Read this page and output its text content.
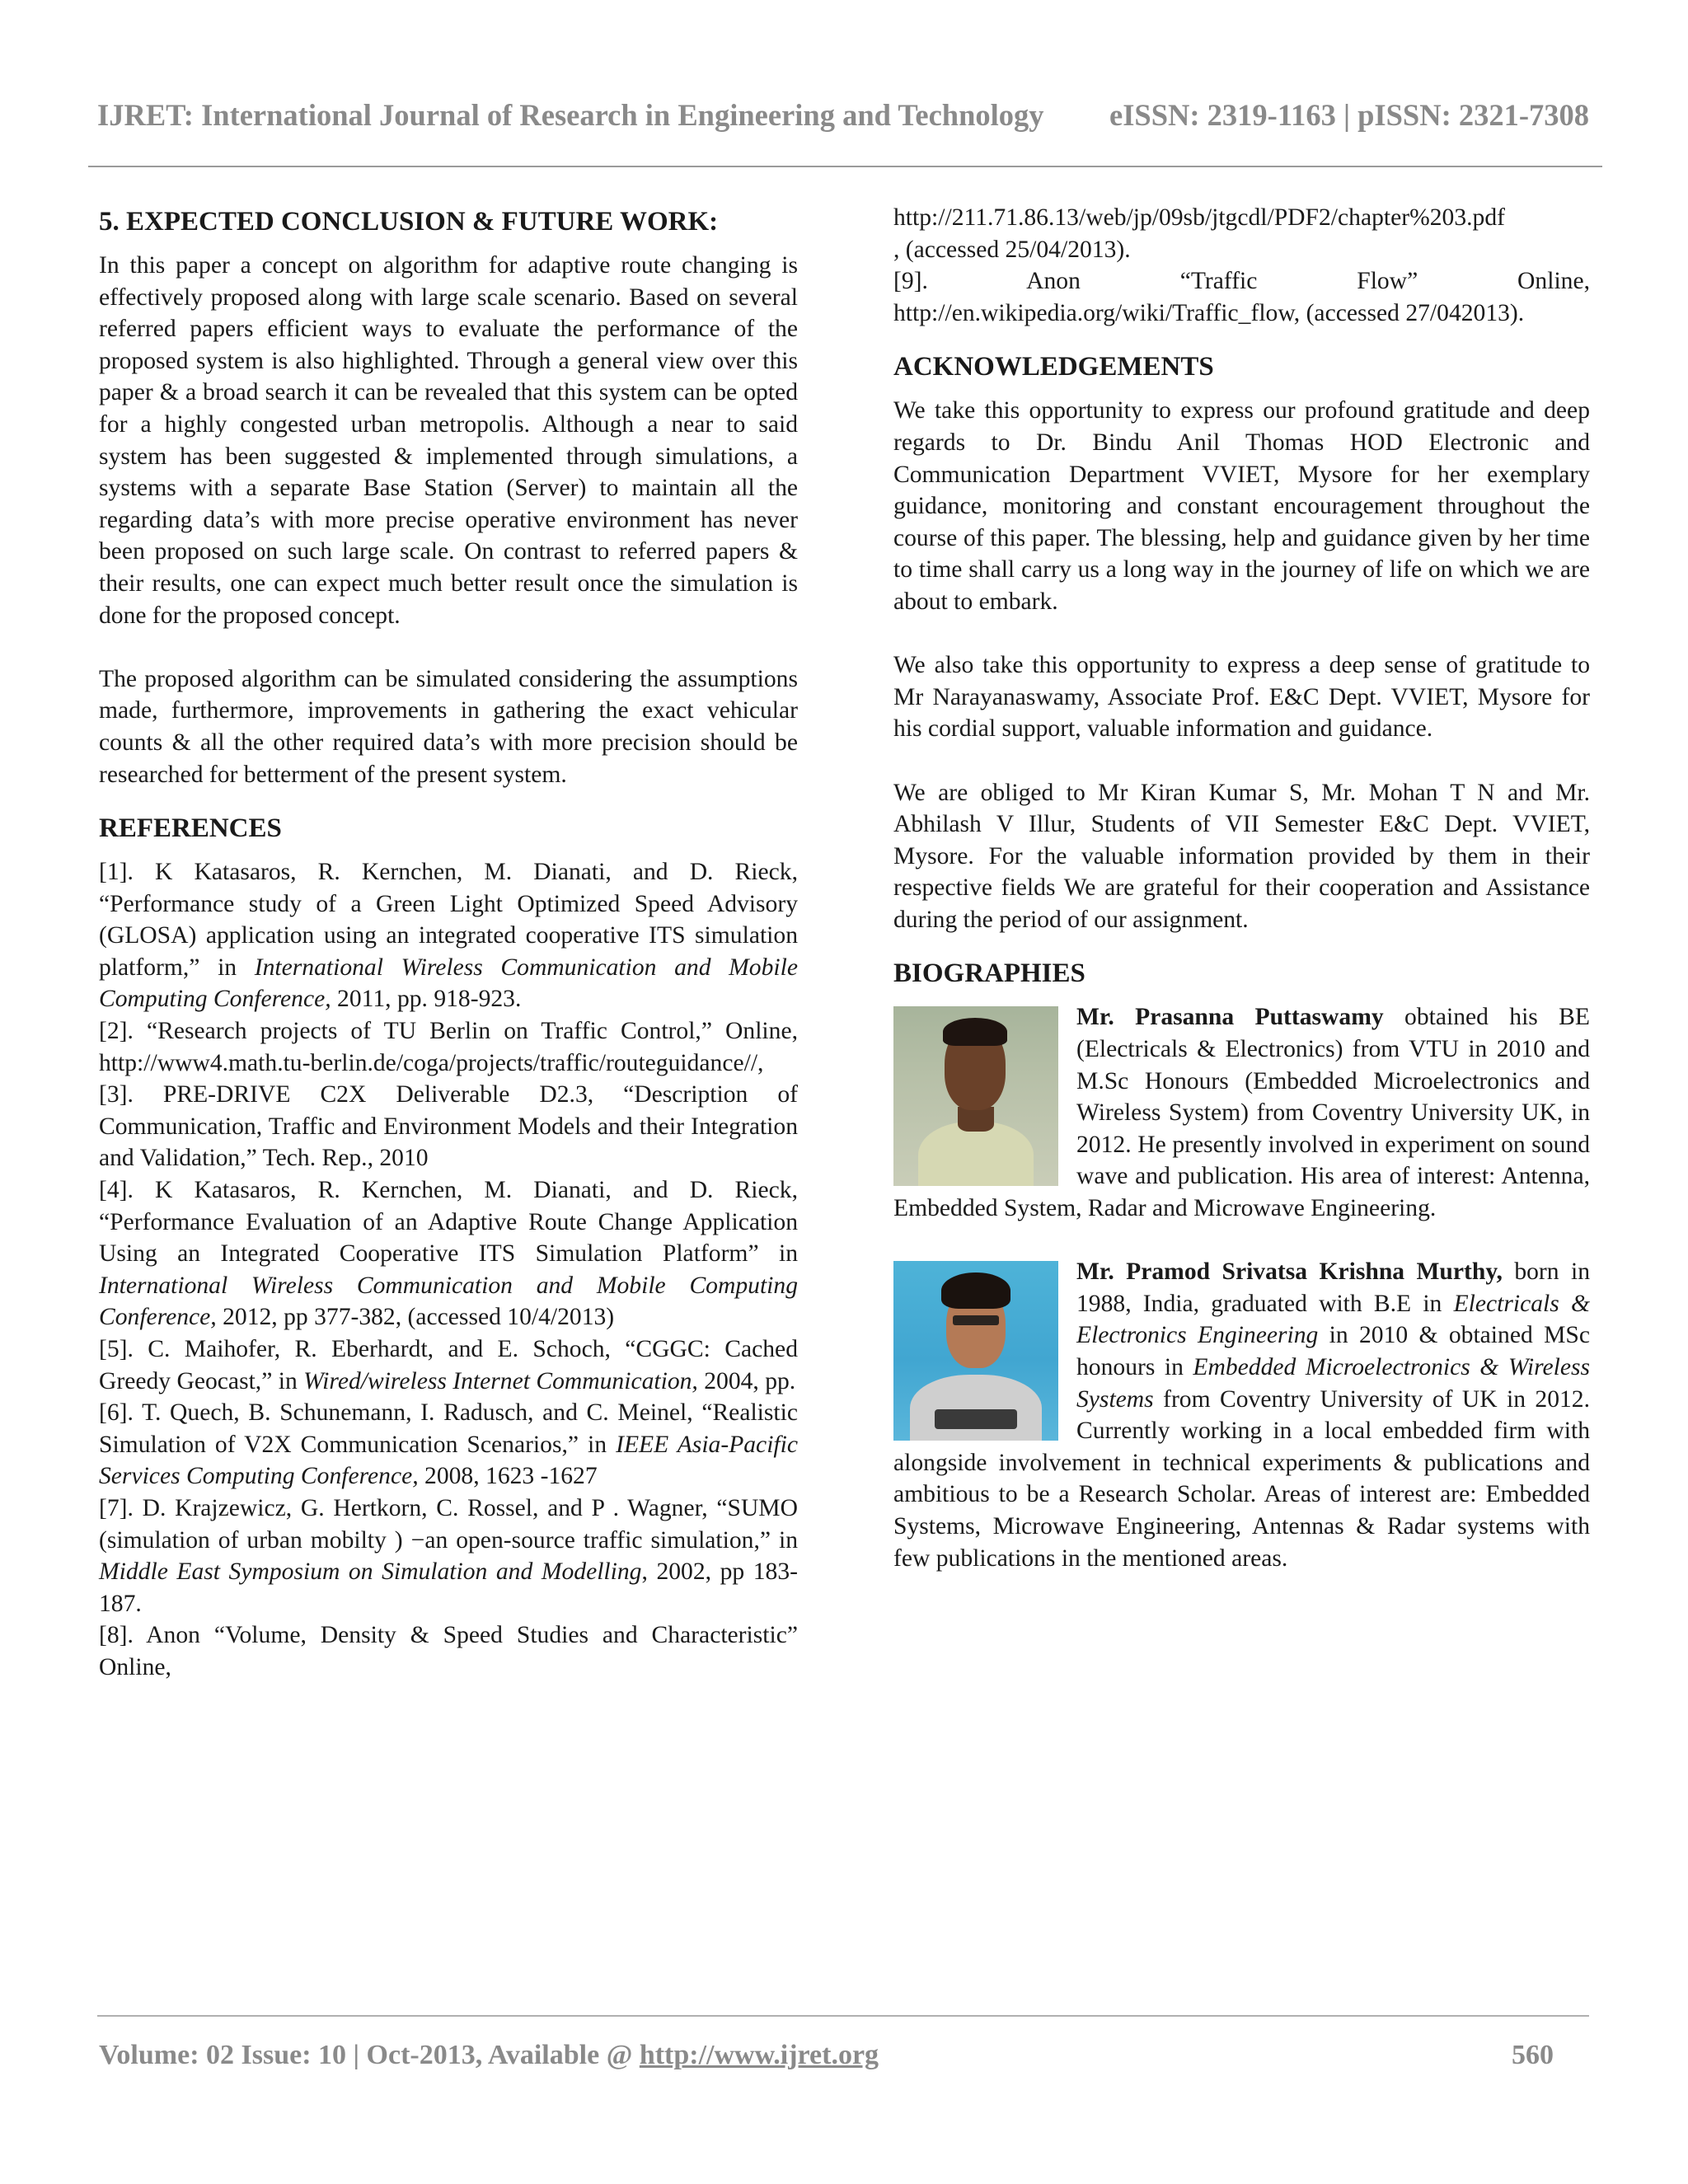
IJRET: International Journal of Research in Engineering and Technology eISSN: 2319-1163 | pISSN: 2321-7308
5. EXPECTED CONCLUSION & FUTURE WORK:

In this paper a concept on algorithm for adaptive route changing is effectively proposed along with large scale scenario. Based on several referred papers efficient ways to evaluate the performance of the proposed system is also highlighted. Through a general view over this paper & a broad search it can be revealed that this system can be opted for a highly congested urban metropolis. Although a near to said system has been suggested & implemented through simulations, a systems with a separate Base Station (Server) to maintain all the regarding data’s with more precise operative environment has never been proposed on such large scale. On contrast to referred papers & their results, one can expect much better result once the simulation is done for the proposed concept.

The proposed algorithm can be simulated considering the assumptions made, furthermore, improvements in gathering the exact vehicular counts & all the other required data’s with more precision should be researched for betterment of the present system.

REFERENCES

[1]. K Katasaros, R. Kernchen, M. Dianati, and D. Rieck, “Performance study of a Green Light Optimized Speed Advisory (GLOSA) application using an integrated cooperative ITS simulation platform,” in International Wireless Communication and Mobile Computing Conference, 2011, pp. 918-923.

[2]. “Research projects of TU Berlin on Traffic Control,” Online, http://www4.math.tu-berlin.de/coga/projects/traffic/routeguidance//,

[3]. PRE-DRIVE C2X Deliverable D2.3, “Description of Communication, Traffic and Environment Models and their Integration and Validation,” Tech. Rep., 2010

[4]. K Katasaros, R. Kernchen, M. Dianati, and D. Rieck, “Performance Evaluation of an Adaptive Route Change Application Using an Integrated Cooperative ITS Simulation Platform” in International Wireless Communication and Mobile Computing Conference, 2012, pp 377-382, (accessed 10/4/2013)

[5]. C. Maihofer, R. Eberhardt, and E. Schoch, “CGGC: Cached Greedy Geocast,” in Wired/wireless Internet Communication, 2004, pp.

[6]. T. Quech, B. Schunemann, I. Radusch, and C. Meinel, “Realistic Simulation of V2X Communication Scenarios,” in IEEE Asia-Pacific Services Computing Conference, 2008, 1623 -1627

[7]. D. Krajzewicz, G. Hertkorn, C. Rossel, and P . Wagner, “SUMO (simulation of urban mobilty ) −an open-source traffic simulation,” in Middle East Symposium on Simulation and Modelling, 2002, pp 183-187.

[8]. Anon “Volume, Density & Speed Studies and Characteristic” Online,

http://211.71.86.13/web/jp/09sb/jtgcdl/PDF2/chapter%203.pdf

, (accessed 25/04/2013).

[9]. Anon “Traffic Flow” Online, http://en.wikipedia.org/wiki/Traffic_flow, (accessed 27/042013).

ACKNOWLEDGEMENTS

We take this opportunity to express our profound gratitude and deep regards to Dr. Bindu Anil Thomas HOD Electronic and Communication Department VVIET, Mysore for her exemplary guidance, monitoring and constant encouragement throughout the course of this paper. The blessing, help and guidance given by her time to time shall carry us a long way in the journey of life on which we are about to embark.

We also take this opportunity to express a deep sense of gratitude to Mr Narayanaswamy, Associate Prof. E&C Dept. VVIET, Mysore for his cordial support, valuable information and guidance.

We are obliged to Mr Kiran Kumar S, Mr. Mohan T N and Mr. Abhilash V Illur, Students of VII Semester E&C Dept. VVIET, Mysore. For the valuable information provided by them in their respective fields We are grateful for their cooperation and Assistance during the period of our assignment.

BIOGRAPHIES

Mr. Prasanna Puttaswamy obtained his BE (Electricals & Electronics) from VTU in 2010 and M.Sc Honours (Embedded Microelectronics and Wireless System) from Coventry University UK, in 2012. He presently involved in experiment on sound wave and publication. His area of interest: Antenna, Embedded System, Radar and Microwave Engineering.

Mr. Pramod Srivatsa Krishna Murthy, born in 1988, India, graduated with B.E in Electricals & Electronics Engineering in 2010 & obtained MSc honours in Embedded Microelectronics & Wireless Systems from Coventry University of UK in 2012. Currently working in a local embedded firm with alongside involvement in technical experiments & publications and ambitious to be a Research Scholar. Areas of interest are: Embedded Systems, Microwave Engineering, Antennas & Radar systems with few publications in the mentioned areas.

Volume: 02 Issue: 10 | Oct-2013, Available @ http://www.ijret.org	560
